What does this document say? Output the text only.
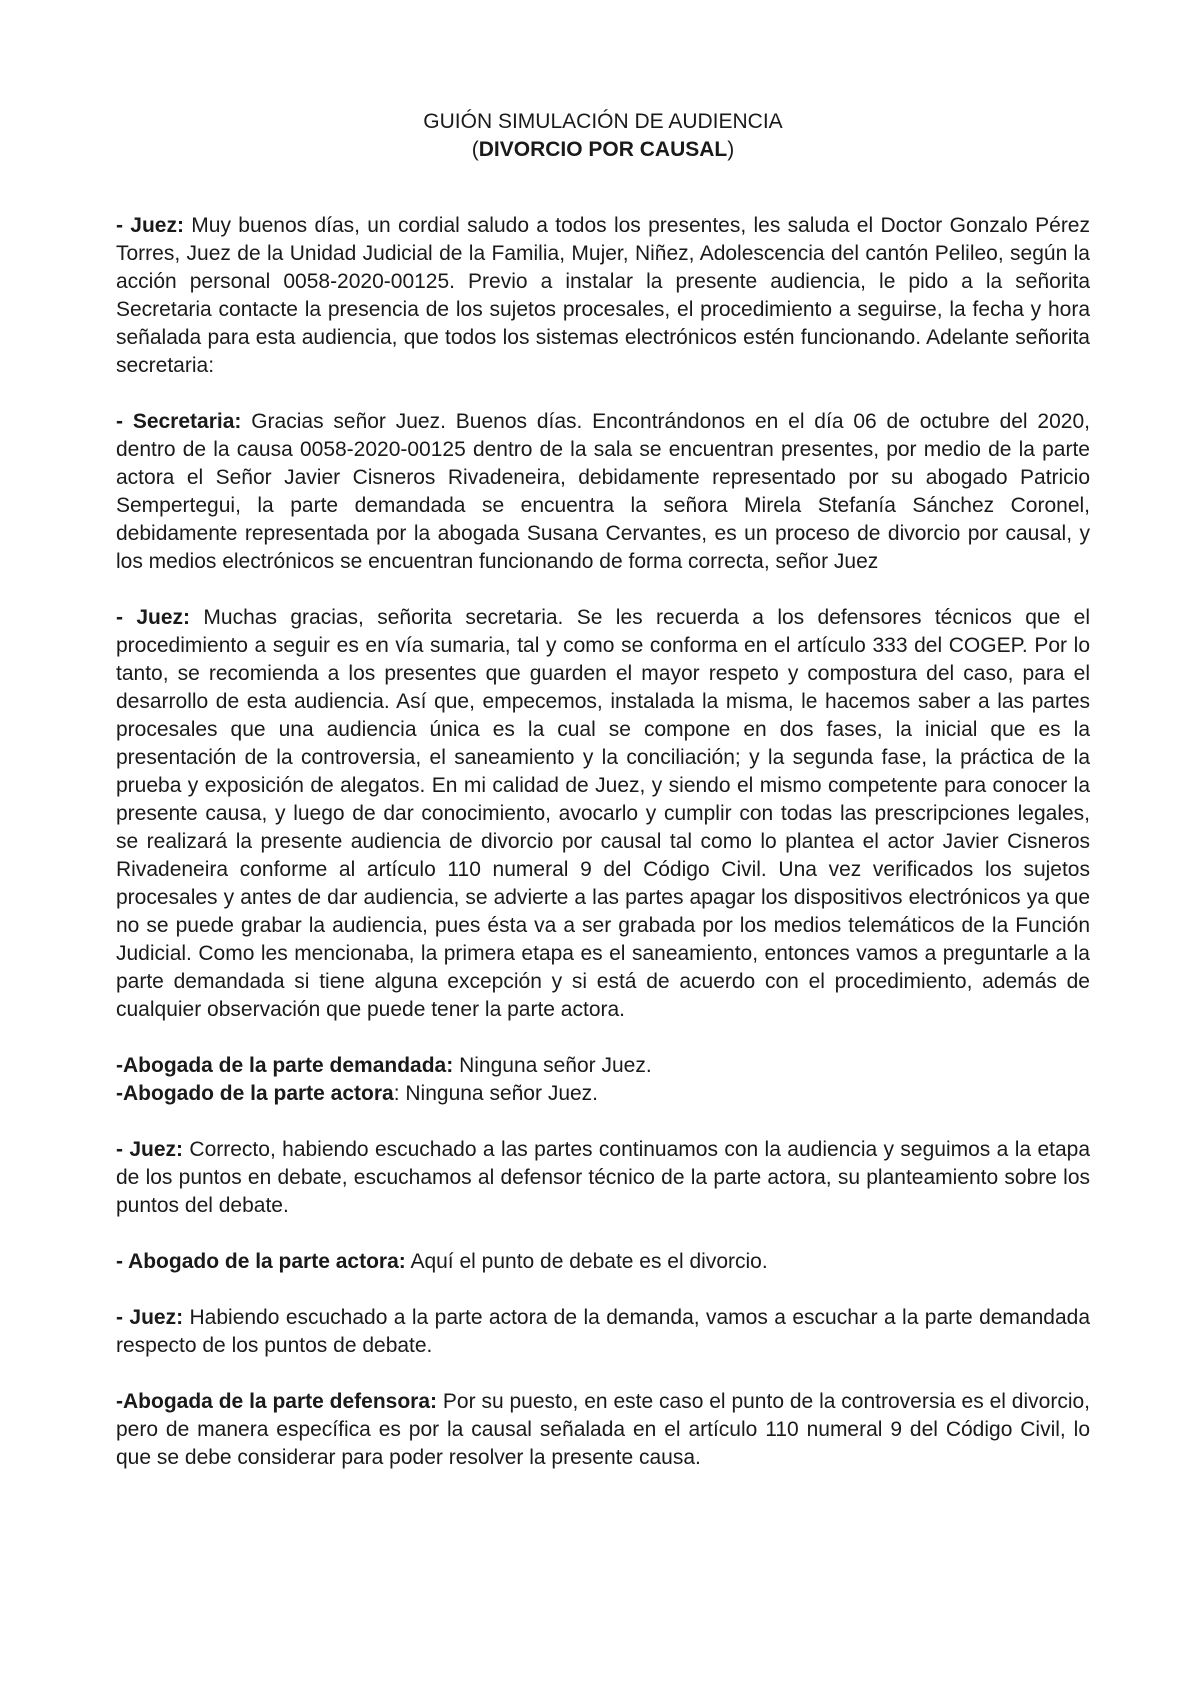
GUIÓN SIMULACIÓN DE AUDIENCIA

(DIVORCIO POR CAUSAL)

- Juez: Muy buenos días, un cordial saludo a todos los presentes, les saluda el Doctor Gonzalo Pérez Torres, Juez de la Unidad Judicial de la Familia, Mujer, Niñez, Adolescencia del cantón Pelileo, según la acción personal 0058-2020-00125. Previo a instalar la presente audiencia, le pido a la señorita Secretaria contacte la presencia de los sujetos procesales, el procedimiento a seguirse, la fecha y hora señalada para esta audiencia, que todos los sistemas electrónicos estén funcionando. Adelante señorita secretaria:

- Secretaria: Gracias señor Juez. Buenos días. Encontrándonos en el día 06 de octubre del 2020, dentro de la causa 0058-2020-00125 dentro de la sala se encuentran presentes, por medio de la parte actora el Señor Javier Cisneros Rivadeneira, debidamente representado por su abogado Patricio Sempertegui, la parte demandada se encuentra la señora Mirela Stefanía Sánchez Coronel, debidamente representada por la abogada Susana Cervantes, es un proceso de divorcio por causal, y los medios electrónicos se encuentran funcionando de forma correcta, señor Juez

- Juez: Muchas gracias, señorita secretaria. Se les recuerda a los defensores técnicos que el procedimiento a seguir es en vía sumaria, tal y como se conforma en el artículo 333 del COGEP. Por lo tanto, se recomienda a los presentes que guarden el mayor respeto y compostura del caso, para el desarrollo de esta audiencia. Así que, empecemos, instalada la misma, le hacemos saber a las partes procesales que una audiencia única es la cual se compone en dos fases, la inicial que es la presentación de la controversia, el saneamiento y la conciliación; y la segunda fase, la práctica de la prueba y exposición de alegatos. En mi calidad de Juez, y siendo el mismo competente para conocer la presente causa, y luego de dar conocimiento, avocarlo y cumplir con todas las prescripciones legales, se realizará la presente audiencia de divorcio por causal tal como lo plantea el actor Javier Cisneros Rivadeneira conforme al artículo 110 numeral 9 del Código Civil. Una vez verificados los sujetos procesales y antes de dar audiencia, se advierte a las partes apagar los dispositivos electrónicos ya que no se puede grabar la audiencia, pues ésta va a ser grabada por los medios telemáticos de la Función Judicial. Como les mencionaba, la primera etapa es el saneamiento, entonces vamos a preguntarle a la parte demandada si tiene alguna excepción y si está de acuerdo con el procedimiento, además de cualquier observación que puede tener la parte actora.

-Abogada de la parte demandada: Ninguna señor Juez.

-Abogado de la parte actora: Ninguna señor Juez.

- Juez: Correcto, habiendo escuchado a las partes continuamos con la audiencia y seguimos a la etapa de los puntos en debate, escuchamos al defensor técnico de la parte actora, su planteamiento sobre los puntos del debate.

- Abogado de la parte actora: Aquí el punto de debate es el divorcio.

- Juez: Habiendo escuchado a la parte actora de la demanda, vamos a escuchar a la parte demandada respecto de los puntos de debate.

-Abogada de la parte defensora: Por su puesto, en este caso el punto de la controversia es el divorcio, pero de manera específica es por la causal señalada en el artículo 110 numeral 9 del Código Civil, lo que se debe considerar para poder resolver la presente causa.
